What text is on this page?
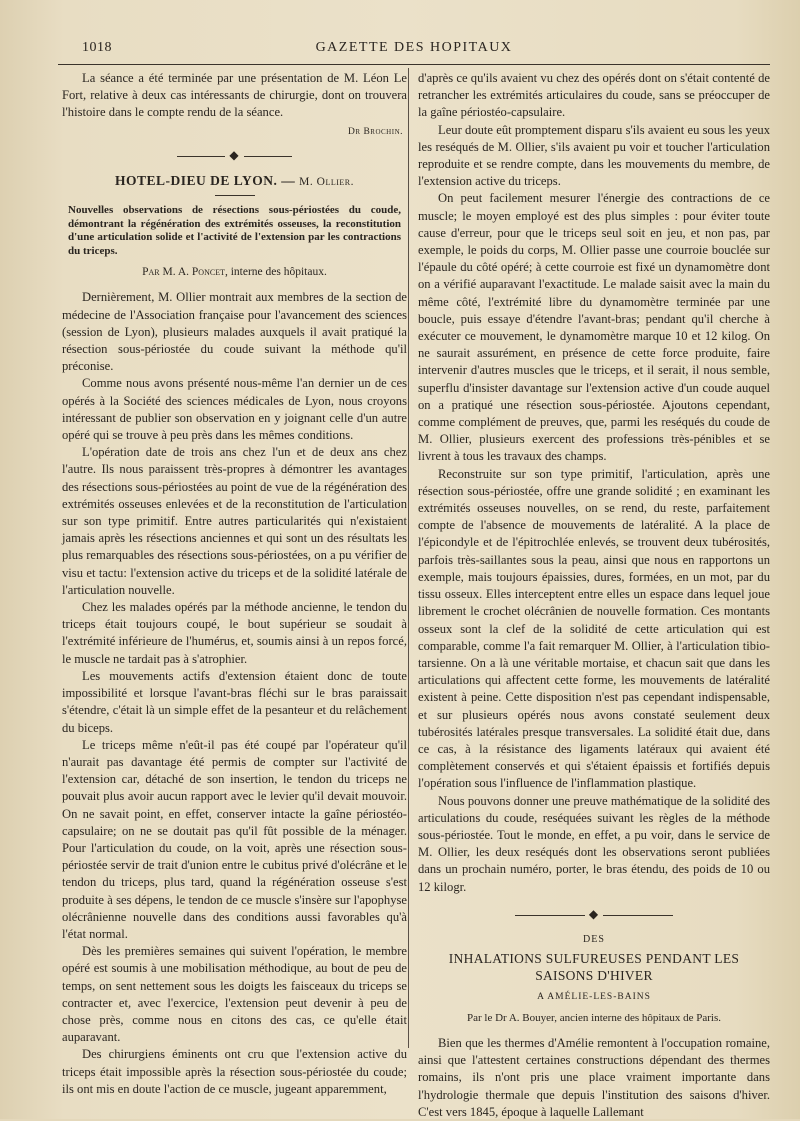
1018	GAZETTE DES HOPITAUX

La séance a été terminée par une présentation de M. Léon Le Fort, relative à deux cas intéressants de chirurgie, dont on trouvera l'histoire dans le compte rendu de la séance.

Dr Brochin.
◆
HOTEL-DIEU DE LYON. — M. Ollier.

Nouvelles observations de résections sous-périostées du coude, démontrant la régénération des extrémités osseuses, la reconstitution d'une articulation solide et l'activité de l'extension par les contractions du triceps.

Par M. A. Poncet, interne des hôpitaux.

Dernièrement, M. Ollier montrait aux membres de la section de médecine de l'Association française pour l'avancement des sciences (session de Lyon), plusieurs malades auxquels il avait pratiqué la résection sous-périostée du coude suivant la méthode qu'il préconise.

Comme nous avons présenté nous-même l'an dernier un de ces opérés à la Société des sciences médicales de Lyon, nous croyons intéressant de publier son observation en y joignant celle d'un autre opéré qui se trouve à peu près dans les mêmes conditions.

L'opération date de trois ans chez l'un et de deux ans chez l'autre. Ils nous paraissent très-propres à démontrer les avantages des résections sous-périostées au point de vue de la régénération des extrémités osseuses enlevées et de la reconstitution de l'articulation sur son type primitif. Entre autres particularités qui n'existaient jamais après les résections anciennes et qui sont un des résultats les plus remarquables des résections sous-périostées, on a pu vérifier de visu et tactu: l'extension active du triceps et de la solidité latérale de l'articulation nouvelle.

Chez les malades opérés par la méthode ancienne, le tendon du triceps était toujours coupé, le bout supérieur se soudait à l'extrémité inférieure de l'humérus, et, soumis ainsi à un repos forcé, le muscle ne tardait pas à s'atrophier.

Les mouvements actifs d'extension étaient donc de toute impossibilité et lorsque l'avant-bras fléchi sur le bras paraissait s'étendre, c'était là un simple effet de la pesanteur et du relâchement du biceps.

Le triceps même n'eût-il pas été coupé par l'opérateur qu'il n'aurait pas davantage été permis de compter sur l'activité de l'extension car, détaché de son insertion, le tendon du triceps ne pouvait plus avoir aucun rapport avec le levier qu'il devait mouvoir. On ne savait point, en effet, conserver intacte la gaîne périostéo-capsulaire; on ne se doutait pas qu'il fût possible de la ménager. Pour l'articulation du coude, on la voit, après une résection sous-périostée servir de trait d'union entre le cubitus privé d'olécrâne et le tendon du triceps, plus tard, quand la régénération osseuse s'est produite à ses dépens, le tendon de ce muscle s'insère sur l'apophyse olécrânienne nouvelle dans des conditions aussi favorables qu'à l'état normal.

Dès les premières semaines qui suivent l'opération, le membre opéré est soumis à une mobilisation méthodique, au bout de peu de temps, on sent nettement sous les doigts les faisceaux du triceps se contracter et, avec l'exercice, l'extension peut devenir à peu de chose près, comme nous en citons des cas, ce qu'elle était auparavant.

Des chirurgiens éminents ont cru que l'extension active du triceps était impossible après la résection sous-périostée du coude; ils ont mis en doute l'action de ce muscle, jugeant apparemment,

d'après ce qu'ils avaient vu chez des opérés dont on s'était contenté de retrancher les extrémités articulaires du coude, sans se préoccuper de la gaîne périostéo-capsulaire.

Leur doute eût promptement disparu s'ils avaient eu sous les yeux les reséqués de M. Ollier, s'ils avaient pu voir et toucher l'articulation reproduite et se rendre compte, dans les mouvements du membre, de l'extension active du triceps.

On peut facilement mesurer l'énergie des contractions de ce muscle; le moyen employé est des plus simples : pour éviter toute cause d'erreur, pour que le triceps seul soit en jeu, et non pas, par exemple, le poids du corps, M. Ollier passe une courroie bouclée sur l'épaule du côté opéré; à cette courroie est fixé un dynamomètre dont on a vérifié auparavant l'exactitude. Le malade saisit avec la main du même côté, l'extrémité libre du dynamomètre terminée par une boucle, puis essaye d'étendre l'avant-bras; pendant qu'il cherche à exécuter ce mouvement, le dynamomètre marque 10 et 12 kilog. On ne saurait assurément, en présence de cette force produite, faire intervenir d'autres muscles que le triceps, et il serait, il nous semble, superflu d'insister davantage sur l'extension active d'un coude auquel on a pratiqué une résection sous-périostée. Ajoutons cependant, comme complément de preuves, que, parmi les reséqués du coude de M. Ollier, plusieurs exercent des professions très-pénibles et se livrent à tous les travaux des champs.

Reconstruite sur son type primitif, l'articulation, après une résection sous-périostée, offre une grande solidité ; en examinant les extrémités osseuses nouvelles, on se rend, du reste, parfaitement compte de l'absence de mouvements de latéralité. A la place de l'épicondyle et de l'épitrochlée enlevés, se trouvent deux tubérosités, parfois très-saillantes sous la peau, ainsi que nous en rapportons un exemple, mais toujours épaissies, dures, formées, en un mot, par du tissu osseux. Elles interceptent entre elles un espace dans lequel joue librement le crochet olécrânien de nouvelle formation. Ces montants osseux sont la clef de la solidité de cette articulation qui est comparable, comme l'a fait remarquer M. Ollier, à l'articulation tibio-tarsienne. On a là une véritable mortaise, et chacun sait que dans les articulations qui affectent cette forme, les mouvements de latéralité existent à peine. Cette disposition n'est pas cependant indispensable, et sur plusieurs opérés nous avons constaté seulement deux tubérosités latérales presque transversales. La solidité était due, dans ce cas, à la résistance des ligaments latéraux qui avaient été complètement conservés et qui s'étaient épaissis et fortifiés depuis l'opération sous l'influence de l'inflammation plastique.

Nous pouvons donner une preuve mathématique de la solidité des articulations du coude, reséquées suivant les règles de la méthode sous-périostée. Tout le monde, en effet, a pu voir, dans le service de M. Ollier, les deux reséqués dont les observations seront publiées dans un prochain numéro, porter, le bras étendu, des poids de 10 ou 12 kilogr.

◆
DES
INHALATIONS SULFUREUSES PENDANT LES SAISONS D'HIVER
A AMÉLIE-LES-BAINS
Par le Dr A. Bouyer, ancien interne des hôpitaux de Paris.

Bien que les thermes d'Amélie remontent à l'occupation romaine, ainsi que l'attestent certaines constructions dépendant des thermes romains, ils n'ont pris une place vraiment importante dans l'hydrologie thermale que depuis l'institution des saisons d'hiver. C'est vers 1845, époque à laquelle Lallemant
